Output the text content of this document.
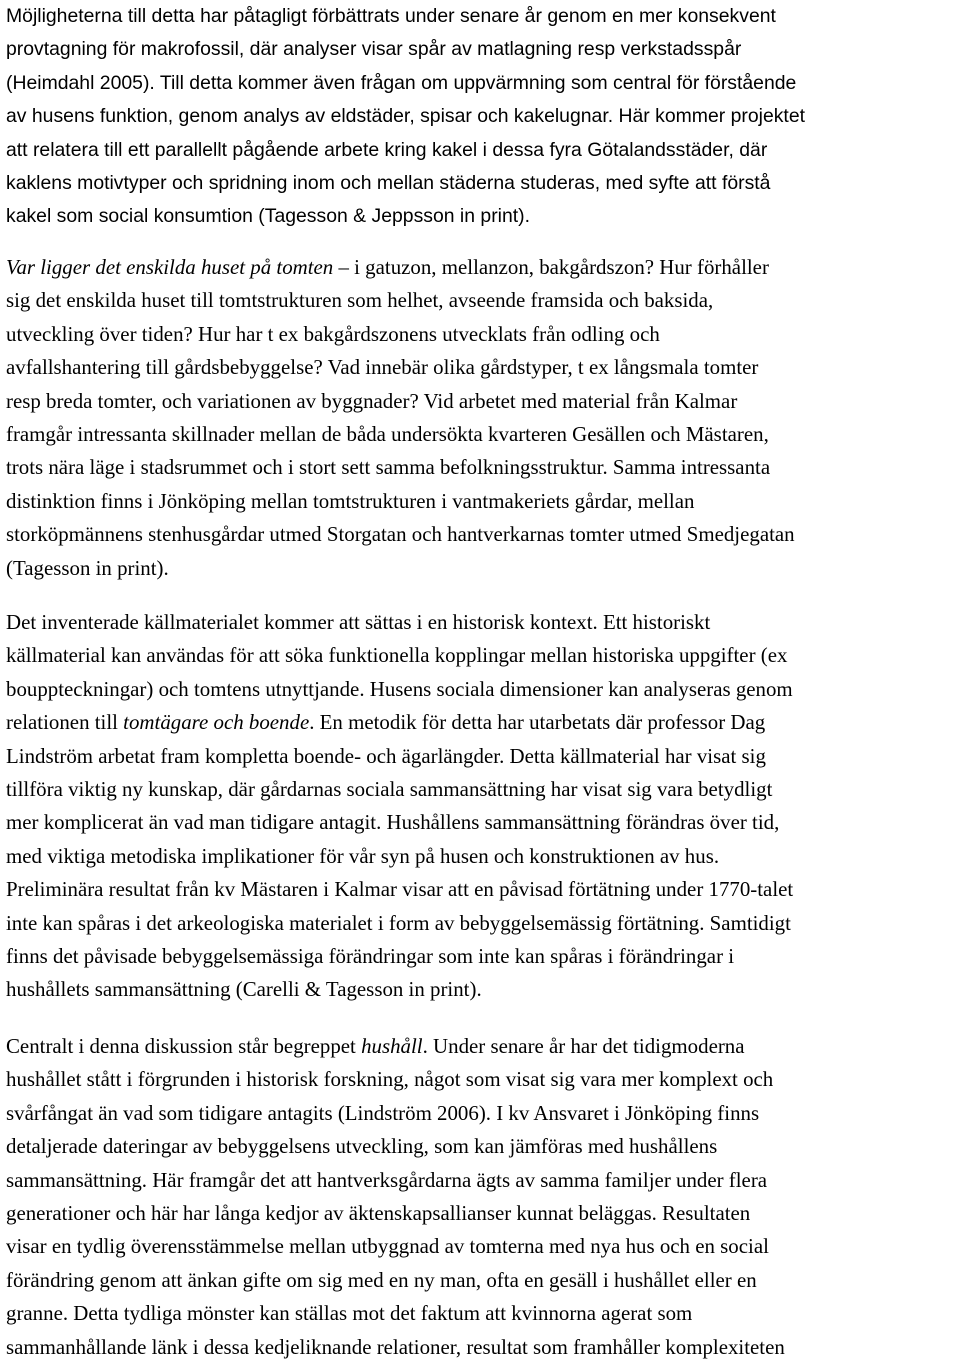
Möjligheterna till detta har påtagligt förbättrats under senare år genom en mer konsekvent
provtagning för makrofossil, där analyser visar spår av matlagning resp verkstadsspår
(Heimdahl 2005). Till detta kommer även frågan om uppvärmning som central för förstående
av husens funktion, genom analys av eldstäder, spisar och kakelugnar. Här kommer projektet
att relatera till ett parallellt pågående arbete kring kakel i dessa fyra Götalandsstäder, där
kaklens motivtyper och spridning inom och mellan städerna studeras, med syfte att förstå
kakel som social konsumtion (Tagesson & Jeppsson in print).
Var ligger det enskilda huset på tomten – i gatuzon, mellanzon, bakgårdszon? Hur förhåller
sig det enskilda huset till tomtstrukturen som helhet, avseende framsida och baksida,
utveckling över tiden? Hur har t ex bakgårdszonens utvecklats från odling och
avfallshantering till gårdsbebyggelse? Vad innebär olika gårdstyper, t ex långsmala tomter
resp breda tomter, och variationen av byggnader? Vid arbetet med material från Kalmar
framgår intressanta skillnader mellan de båda undersökta kvarteren Gesällen och Mästaren,
trots nära läge i stadsrummet och i stort sett samma befolkningsstruktur. Samma intressanta
distinktion finns i Jönköping mellan tomtstrukturen i vantmakeriets gårdar, mellan
storköpmännens stenhusgårdar utmed Storgatan och hantverkarnas tomter utmed Smedjegatan
(Tagesson in print).
Det inventerade källmaterialet kommer att sättas i en historisk kontext. Ett historiskt
källmaterial kan användas för att söka funktionella kopplingar mellan historiska uppgifter (ex
bouppteckningar) och tomtens utnyttjande. Husens sociala dimensioner kan analyseras genom
relationen till tomtägare och boende. En metodik för detta har utarbetats där professor Dag
Lindström arbetat fram kompletta boende- och ägarlängder. Detta källmaterial har visat sig
tillföra viktig ny kunskap, där gårdarnas sociala sammansättning har visat sig vara betydligt
mer komplicerat än vad man tidigare antagit. Hushållens sammansättning förändras över tid,
med viktiga metodiska implikationer för vår syn på husen och konstruktionen av hus.
Preliminära resultat från kv Mästaren i Kalmar visar att en påvisad förtätning under 1770-talet
inte kan spåras i det arkeologiska materialet i form av bebyggelsemässig förtätning. Samtidigt
finns det påvisade bebyggelsemässiga förändringar som inte kan spåras i förändringar i
hushållets sammansättning (Carelli & Tagesson in print).
Centralt i denna diskussion står begreppet hushåll. Under senare år har det tidigmoderna
hushållet stått i förgrunden i historisk forskning, något som visat sig vara mer komplext och
svårfångat än vad som tidigare antagits (Lindström 2006). I kv Ansvaret i Jönköping finns
detaljerade dateringar av bebyggelsens utveckling, som kan jämföras med hushållens
sammansättning. Här framgår det att hantverksgårdarna ägts av samma familjer under flera
generationer och här har långa kedjor av äktenskapsallianser kunnat beläggas. Resultaten
visar en tydlig överensstämmelse mellan utbyggnad av tomterna med nya hus och en social
förändring genom att änkan gifte om sig med en ny man, ofta en gesäll i hushållet eller en
granne. Detta tydliga mönster kan ställas mot det faktum att kvinnorna agerat som
sammanhållande länk i dessa kedjeliknande relationer, resultat som framhåller komplexiteten
